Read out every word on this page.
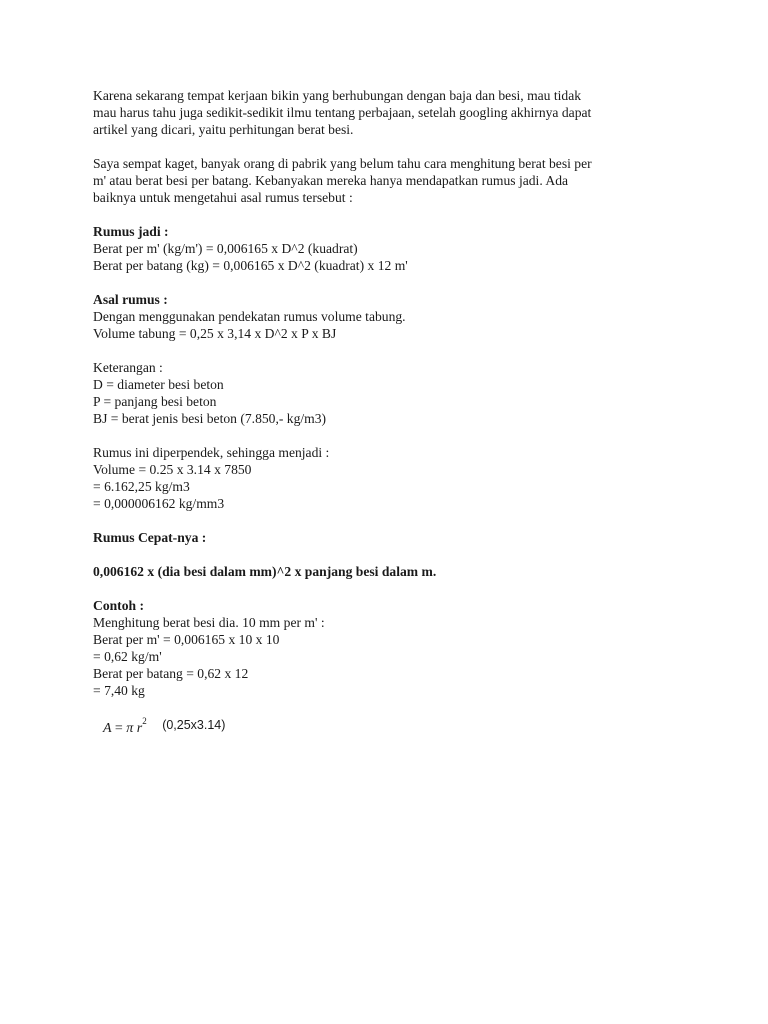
Karena sekarang tempat kerjaan bikin yang berhubungan dengan baja dan besi, mau tidak
mau harus tahu juga sedikit-sedikit ilmu tentang perbajaan, setelah googling akhirnya dapat
artikel yang dicari, yaitu perhitungan berat besi.
Saya sempat kaget, banyak orang di pabrik yang belum tahu cara menghitung berat besi per
m' atau berat besi per batang. Kebanyakan mereka hanya mendapatkan rumus jadi. Ada
baiknya untuk mengetahui asal rumus tersebut :
Rumus jadi :
Berat per m' (kg/m') = 0,006165 x D^2 (kuadrat)
Berat per batang (kg) = 0,006165 x D^2 (kuadrat) x 12 m'
Asal rumus :
Dengan menggunakan pendekatan rumus volume tabung.
Volume tabung = 0,25 x 3,14 x D^2 x P x BJ
Keterangan :
D = diameter besi beton
P = panjang besi beton
BJ = berat jenis besi beton (7.850,- kg/m3)
Rumus ini diperpendek, sehingga menjadi :
Volume = 0.25 x 3.14 x 7850
= 6.162,25 kg/m3
= 0,000006162 kg/mm3
Rumus Cepat-nya :
0,006162 x (dia besi dalam mm)^2 x panjang besi dalam m.
Contoh :
Menghitung berat besi dia. 10 mm per m' :
Berat per m' = 0,006165 x 10 x 10
= 0,62 kg/m'
Berat per batang = 0,62 x 12
= 7,40 kg
A = π $r^2$ (0,25x3.14)
